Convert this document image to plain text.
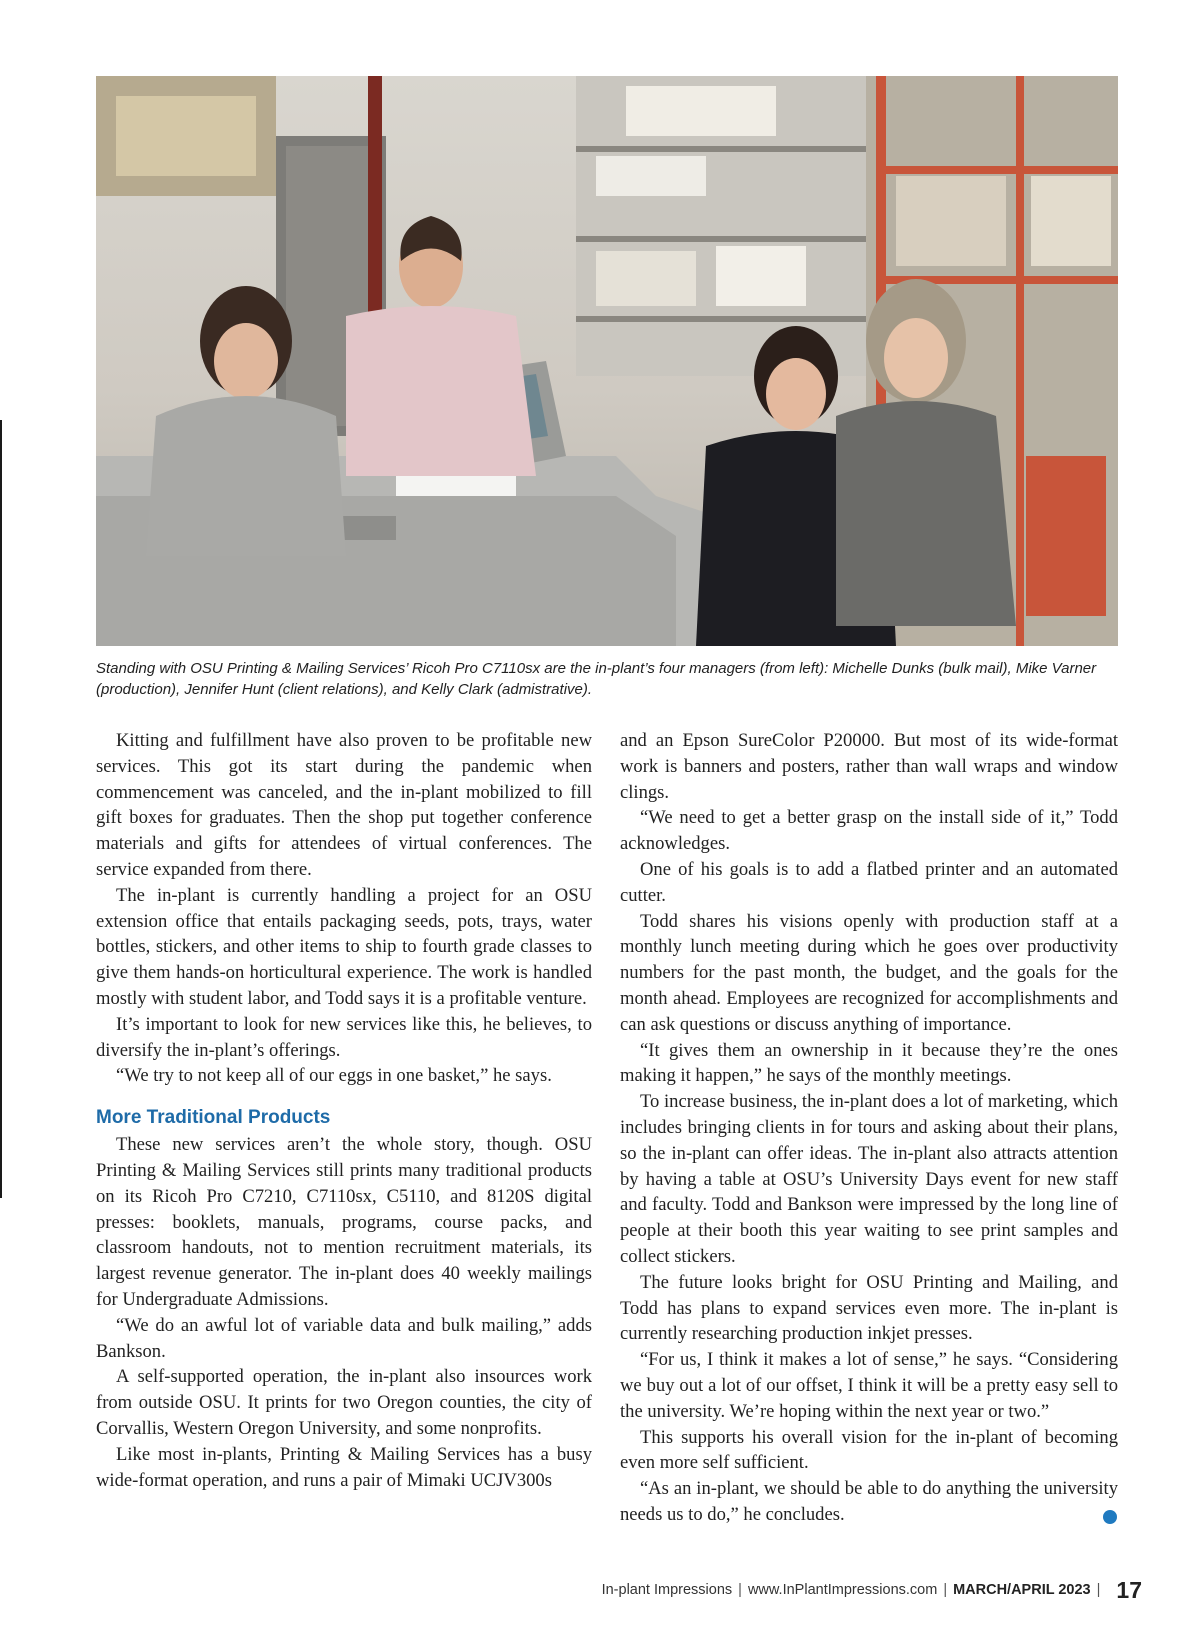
Standing with OSU Printing & Mailing Services’ Ricoh Pro C7110sx are the in-plant’s four managers (from left): Michelle Dunks (bulk mail), Mike Varner (production), Jennifer Hunt (client relations), and Kelly Clark (admistrative).

Kitting and fulfillment have also proven to be profitable new services. This got its start during the pandemic when commencement was canceled, and the in-plant mobilized to fill gift boxes for graduates. Then the shop put together conference materials and gifts for attendees of virtual conferences. The service expanded from there.

The in-plant is currently handling a project for an OSU extension office that entails packaging seeds, pots, trays, water bottles, stickers, and other items to ship to fourth grade classes to give them hands-on horticultural experience. The work is handled mostly with student labor, and Todd says it is a profitable venture.

It’s important to look for new services like this, he believes, to diversify the in-plant’s offerings.

“We try to not keep all of our eggs in one basket,” he says.

More Traditional Products

These new services aren’t the whole story, though. OSU Printing & Mailing Services still prints many traditional products on its Ricoh Pro C7210, C7110sx, C5110, and 8120S digital presses: booklets, manuals, programs, course packs, and classroom handouts, not to mention recruitment materials, its largest revenue generator. The in-plant does 40 weekly mailings for Undergraduate Admissions.

“We do an awful lot of variable data and bulk mailing,” adds Bankson.

A self-supported operation, the in-plant also insources work from outside OSU. It prints for two Oregon counties, the city of Corvallis, Western Oregon University, and some nonprofits.

Like most in-plants, Printing & Mailing Services has a busy wide-format operation, and runs a pair of Mimaki UCJV300s

and an Epson SureColor P20000. But most of its wide-format work is banners and posters, rather than wall wraps and window clings.

“We need to get a better grasp on the install side of it,” Todd acknowledges.

One of his goals is to add a flatbed printer and an automated cutter.

Todd shares his visions openly with production staff at a monthly lunch meeting during which he goes over productivity numbers for the past month, the budget, and the goals for the month ahead. Employees are recognized for accomplishments and can ask questions or discuss anything of importance.

“It gives them an ownership in it because they’re the ones making it happen,” he says of the monthly meetings.

To increase business, the in-plant does a lot of marketing, which includes bringing clients in for tours and asking about their plans, so the in-plant can offer ideas. The in-plant also attracts attention by having a table at OSU’s University Days event for new staff and faculty. Todd and Bankson were impressed by the long line of people at their booth this year waiting to see print samples and collect stickers.

The future looks bright for OSU Printing and Mailing, and Todd has plans to expand services even more. The in-plant is currently researching production inkjet presses.

“For us, I think it makes a lot of sense,” he says. “Considering we buy out a lot of our offset, I think it will be a pretty easy sell to the university. We’re hoping within the next year or two.”

This supports his overall vision for the in-plant of becoming even more self sufficient.

“As an in-plant, we should be able to do anything the university needs us to do,” he concludes.

In-plant Impressions | www.InPlantImpressions.com | MARCH/APRIL 2023 | 17
